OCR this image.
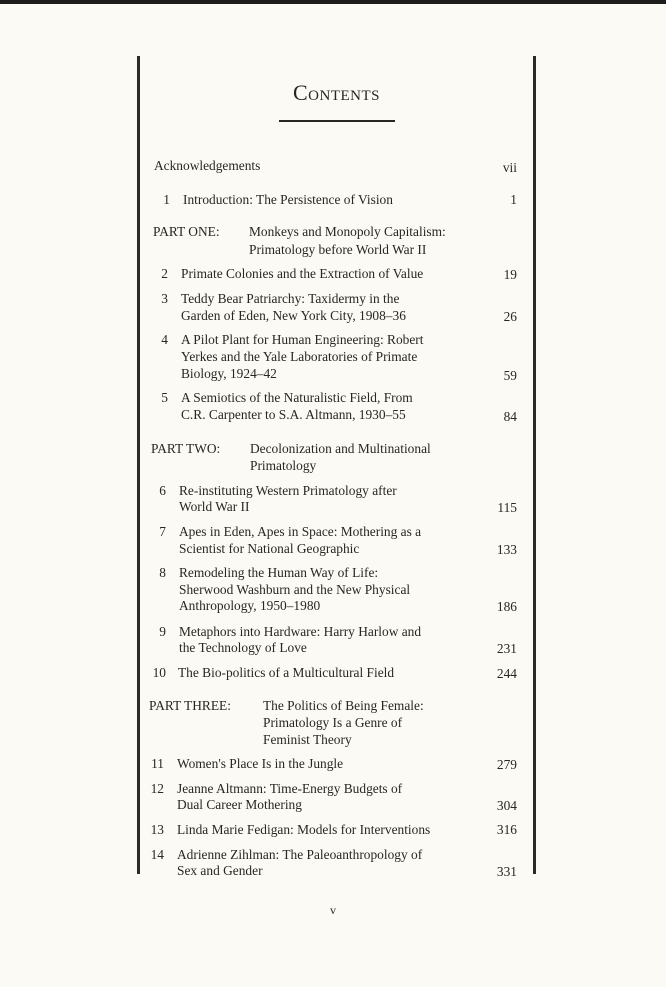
Contents
Acknowledgements	vii
1 Introduction: The Persistence of Vision	1
PART ONE: Monkeys and Monopoly Capitalism:
Primatology before World War II
2 Primate Colonies and the Extraction of Value	19
3 Teddy Bear Patriarchy: Taxidermy in the
Garden of Eden, New York City, 1908–36	26
4 A Pilot Plant for Human Engineering: Robert
Yerkes and the Yale Laboratories of Primate
Biology, 1924–42	59
5 A Semiotics of the Naturalistic Field, From
C.R. Carpenter to S.A. Altmann, 1930–55	84
PART TWO: Decolonization and Multinational
Primatology
6 Re-instituting Western Primatology after
World War II	115
7 Apes in Eden, Apes in Space: Mothering as a
Scientist for National Geographic	133
8 Remodeling the Human Way of Life:
Sherwood Washburn and the New Physical
Anthropology, 1950–1980	186
9 Metaphors into Hardware: Harry Harlow and
the Technology of Love	231
10 The Bio-politics of a Multicultural Field	244
PART THREE: The Politics of Being Female:
Primatology Is a Genre of
Feminist Theory
11 Women's Place Is in the Jungle	279
12 Jeanne Altmann: Time-Energy Budgets of
Dual Career Mothering	304
13 Linda Marie Fedigan: Models for Interventions	316
14 Adrienne Zihlman: The Paleoanthropology of
Sex and Gender	331
v
